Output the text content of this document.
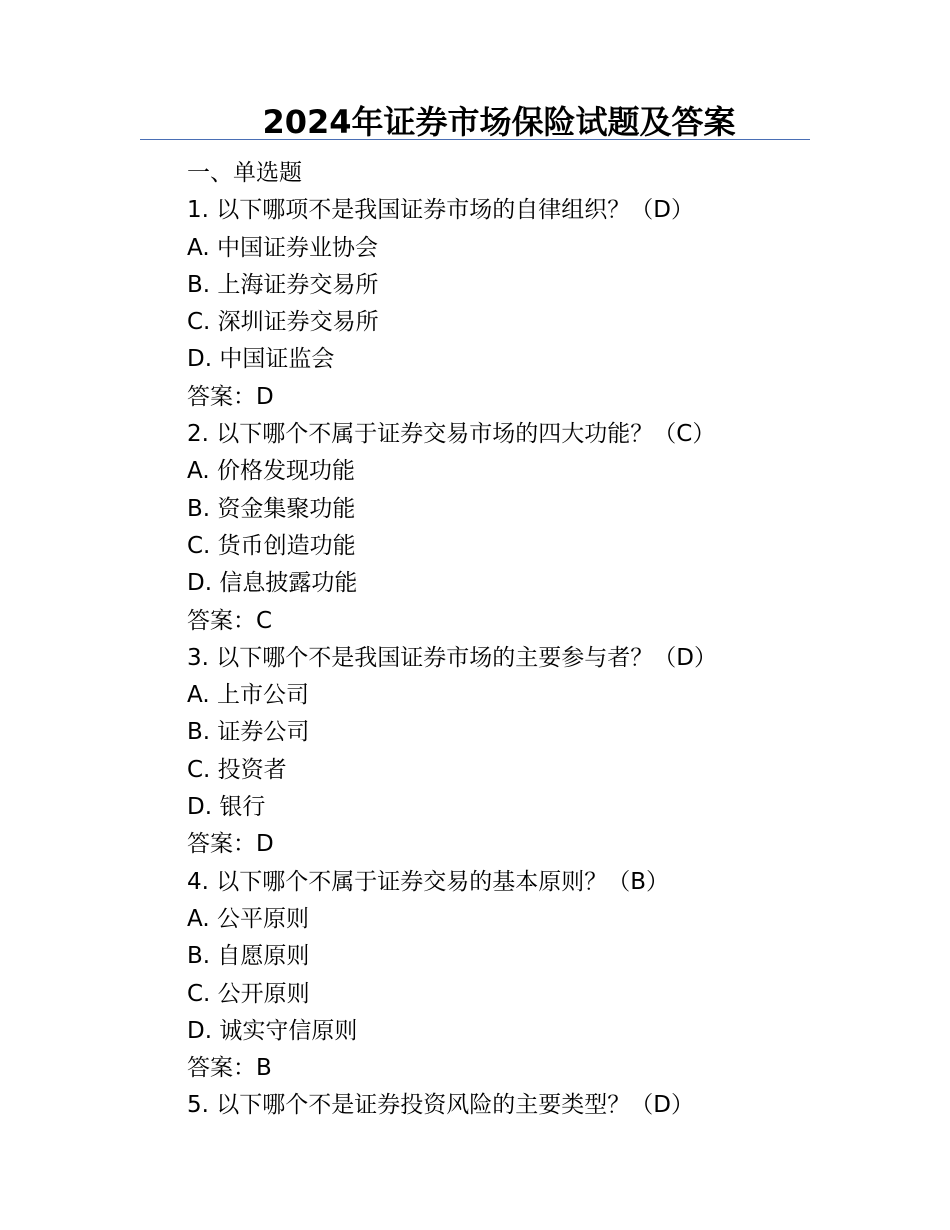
2024年证券市场保险试题及答案
一、单选题
1. 以下哪项不是我国证券市场的自律组织？（D）
A. 中国证券业协会
B. 上海证券交易所
C. 深圳证券交易所
D. 中国证监会
答案：D
2. 以下哪个不属于证券交易市场的四大功能？（C）
A. 价格发现功能
B. 资金集聚功能
C. 货币创造功能
D. 信息披露功能
答案：C
3. 以下哪个不是我国证券市场的主要参与者？（D）
A. 上市公司
B. 证券公司
C. 投资者
D. 银行
答案：D
4. 以下哪个不属于证券交易的基本原则？（B）
A. 公平原则
B. 自愿原则
C. 公开原则
D. 诚实守信原则
答案：B
5. 以下哪个不是证券投资风险的主要类型？（D）
